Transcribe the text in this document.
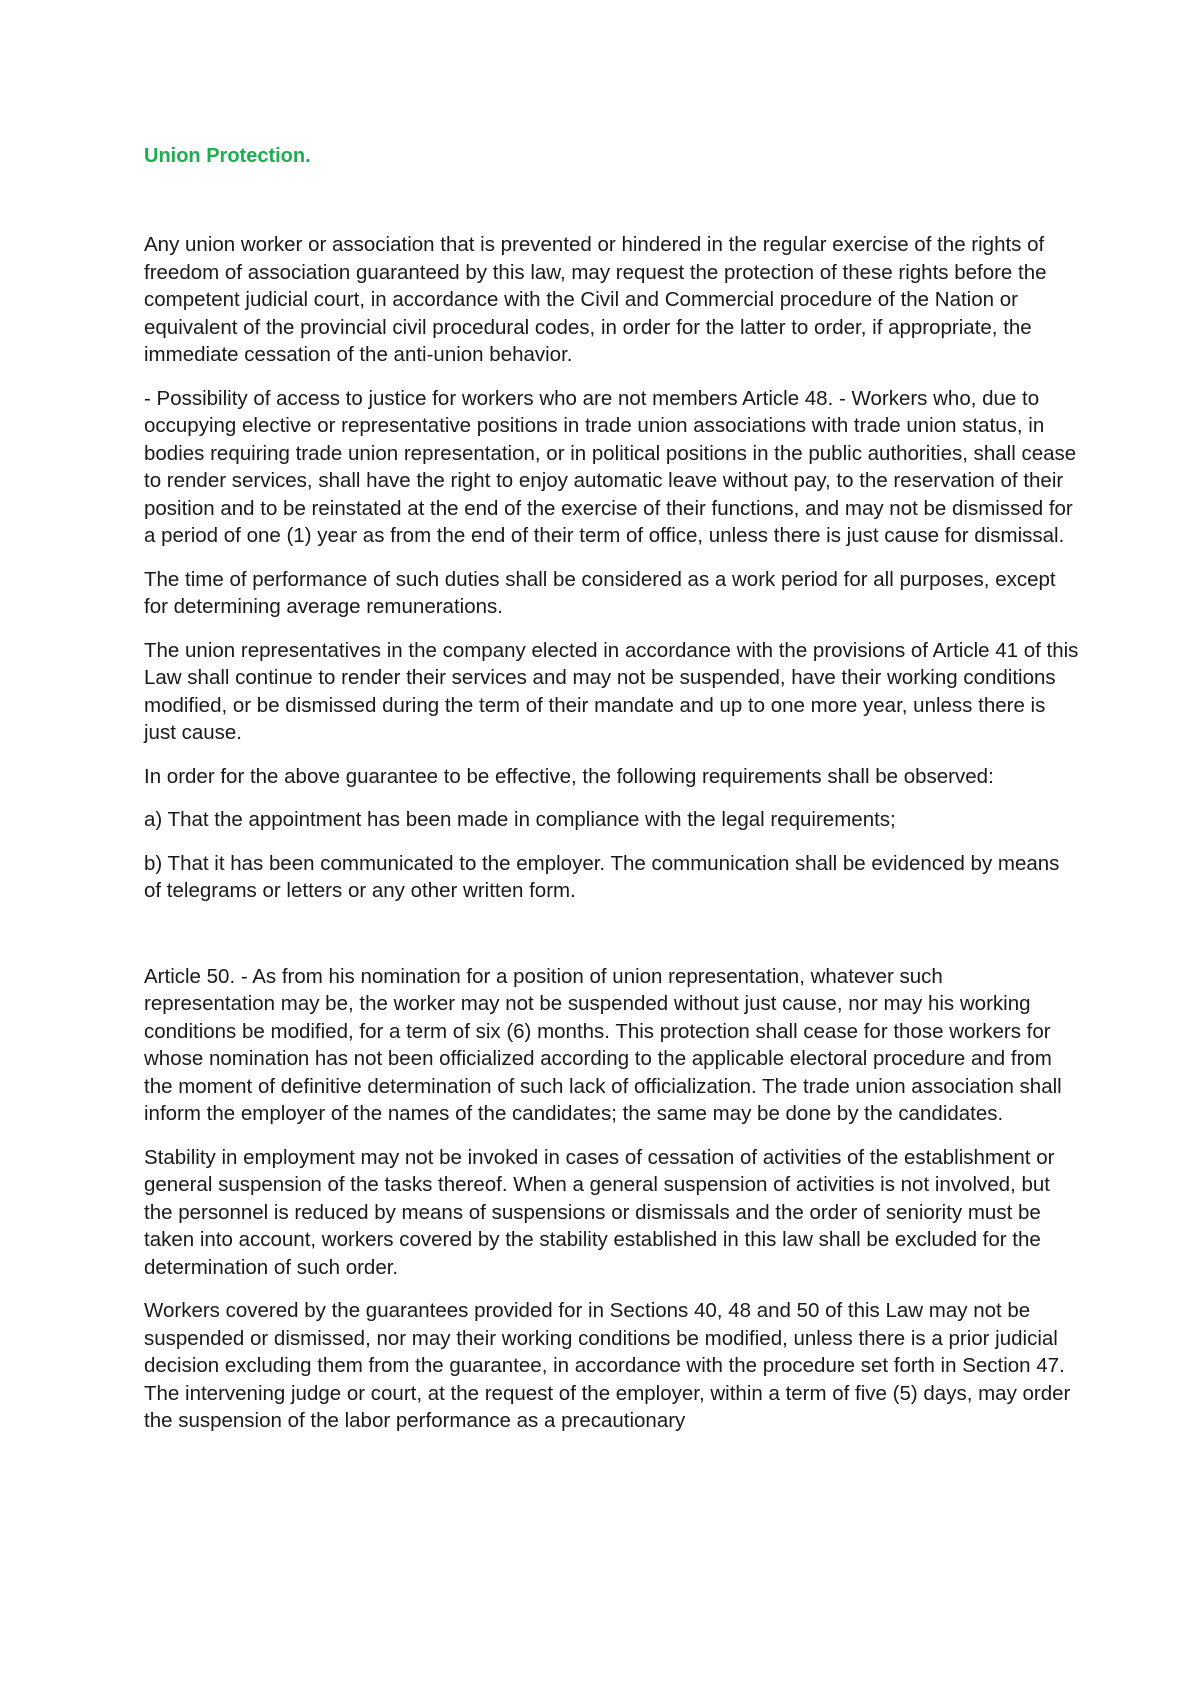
Union Protection.

Any union worker or association that is prevented or hindered in the regular exercise of the rights of freedom of association guaranteed by this law, may request the protection of these rights before the competent judicial court, in accordance with the Civil and Commercial procedure of the Nation or equivalent of the provincial civil procedural codes, in order for the latter to order, if appropriate, the immediate cessation of the anti-union behavior.

- Possibility of access to justice for workers who are not members Article 48. - Workers who, due to occupying elective or representative positions in trade union associations with trade union status, in bodies requiring trade union representation, or in political positions in the public authorities, shall cease to render services, shall have the right to enjoy automatic leave without pay, to the reservation of their position and to be reinstated at the end of the exercise of their functions, and may not be dismissed for a period of one (1) year as from the end of their term of office, unless there is just cause for dismissal.

The time of performance of such duties shall be considered as a work period for all purposes, except for determining average remunerations.

The union representatives in the company elected in accordance with the provisions of Article 41 of this Law shall continue to render their services and may not be suspended, have their working conditions modified, or be dismissed during the term of their mandate and up to one more year, unless there is just cause.

In order for the above guarantee to be effective, the following requirements shall be observed:

a) That the appointment has been made in compliance with the legal requirements;

b) That it has been communicated to the employer. The communication shall be evidenced by means of telegrams or letters or any other written form.

Article 50. - As from his nomination for a position of union representation, whatever such representation may be, the worker may not be suspended without just cause, nor may his working conditions be modified, for a term of six (6) months. This protection shall cease for those workers for whose nomination has not been officialized according to the applicable electoral procedure and from the moment of definitive determination of such lack of officialization. The trade union association shall inform the employer of the names of the candidates; the same may be done by the candidates.

Stability in employment may not be invoked in cases of cessation of activities of the establishment or general suspension of the tasks thereof. When a general suspension of activities is not involved, but the personnel is reduced by means of suspensions or dismissals and the order of seniority must be taken into account, workers covered by the stability established in this law shall be excluded for the determination of such order.

Workers covered by the guarantees provided for in Sections 40, 48 and 50 of this Law may not be suspended or dismissed, nor may their working conditions be modified, unless there is a prior judicial decision excluding them from the guarantee, in accordance with the procedure set forth in Section 47. The intervening judge or court, at the request of the employer, within a term of five (5) days, may order the suspension of the labor performance as a precautionary
